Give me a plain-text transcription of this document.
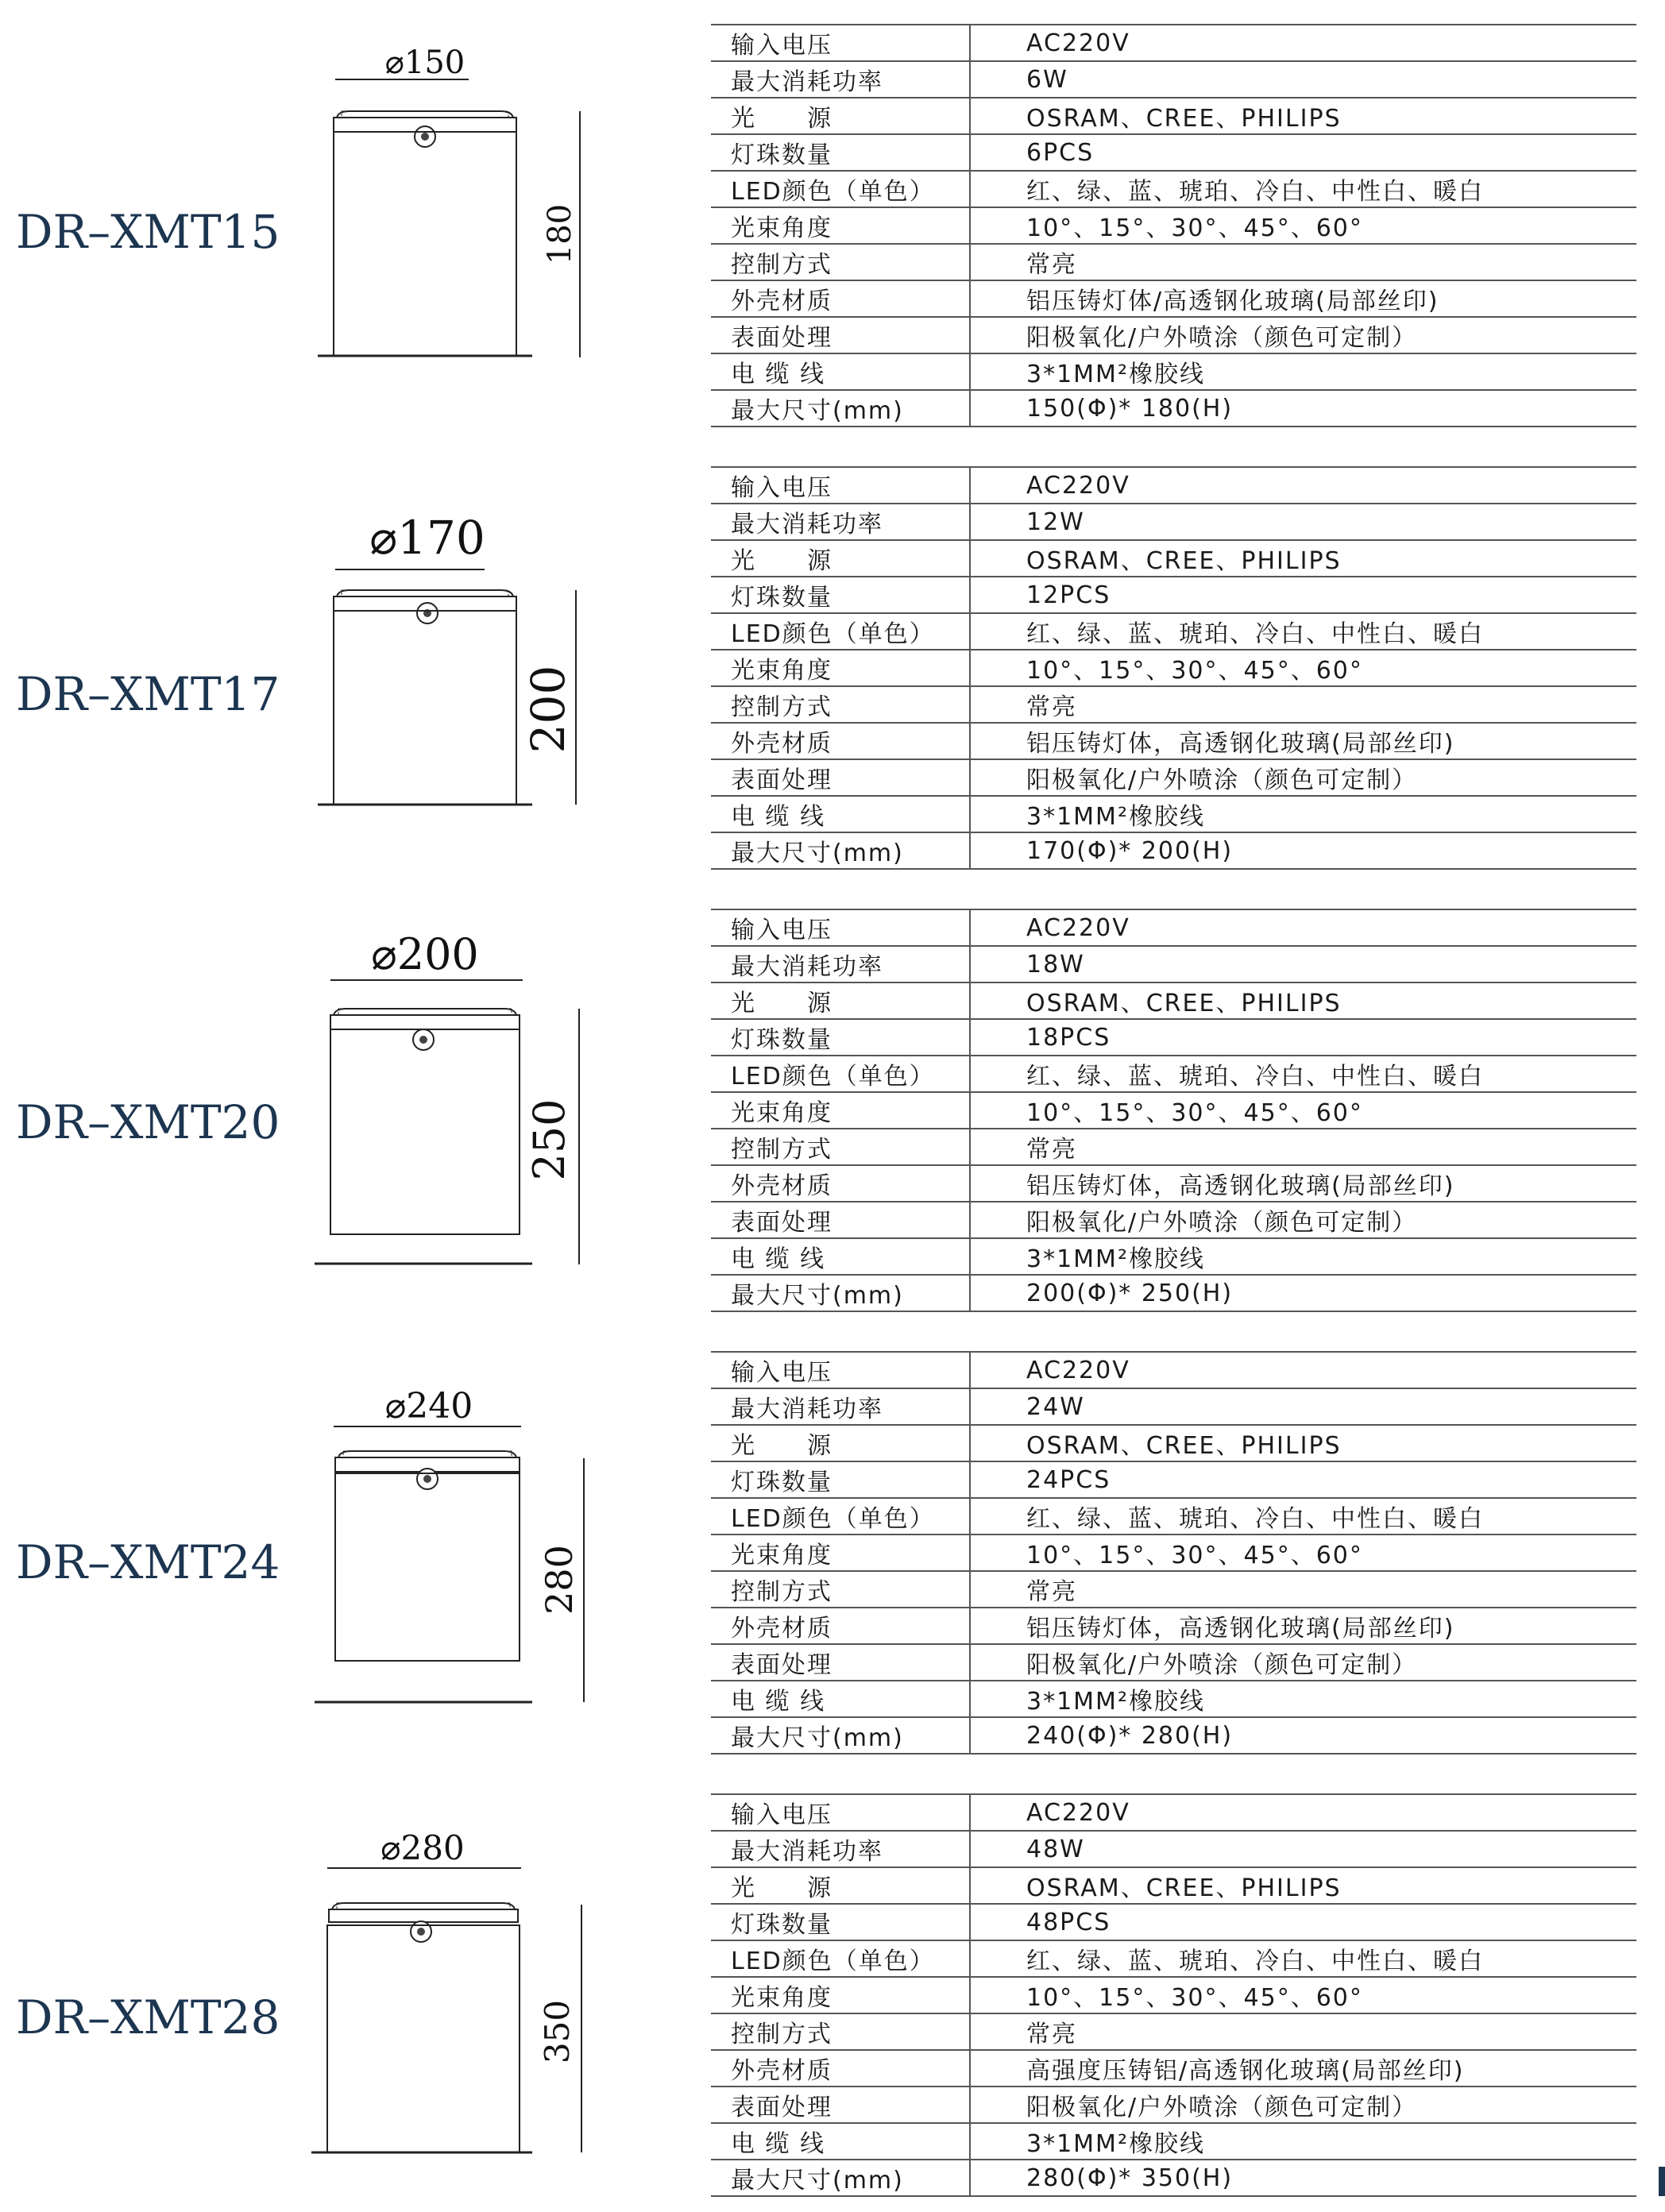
DR–XMT15
⌀150
180
输入电压	AC220V
最大消耗功率	6W
光　　源	OSRAM、CREE、PHILIPS
灯珠数量	6PCS
LED颜色（单色）	红、绿、蓝、琥珀、冷白、中性白、暖白
光束角度	10°、15°、30°、45°、60°
控制方式	常亮
外壳材质	铝压铸灯体/高透钢化玻璃(局部丝印)
表面处理	阳极氧化/户外喷涂（颜色可定制）
电 缆 线	3*1MM²橡胶线
最大尺寸(mm)	150(Φ)* 180(H)
DR–XMT17
⌀170
200
输入电压	AC220V
最大消耗功率	12W
光　　源	OSRAM、CREE、PHILIPS
灯珠数量	12PCS
LED颜色（单色）	红、绿、蓝、琥珀、冷白、中性白、暖白
光束角度	10°、15°、30°、45°、60°
控制方式	常亮
外壳材质	铝压铸灯体，高透钢化玻璃(局部丝印)
表面处理	阳极氧化/户外喷涂（颜色可定制）
电 缆 线	3*1MM²橡胶线
最大尺寸(mm)	170(Φ)* 200(H)
DR–XMT20
⌀200
250
输入电压	AC220V
最大消耗功率	18W
光　　源	OSRAM、CREE、PHILIPS
灯珠数量	18PCS
LED颜色（单色）	红、绿、蓝、琥珀、冷白、中性白、暖白
光束角度	10°、15°、30°、45°、60°
控制方式	常亮
外壳材质	铝压铸灯体，高透钢化玻璃(局部丝印)
表面处理	阳极氧化/户外喷涂（颜色可定制）
电 缆 线	3*1MM²橡胶线
最大尺寸(mm)	200(Φ)* 250(H)
DR–XMT24
⌀240
280
输入电压	AC220V
最大消耗功率	24W
光　　源	OSRAM、CREE、PHILIPS
灯珠数量	24PCS
LED颜色（单色）	红、绿、蓝、琥珀、冷白、中性白、暖白
光束角度	10°、15°、30°、45°、60°
控制方式	常亮
外壳材质	铝压铸灯体，高透钢化玻璃(局部丝印)
表面处理	阳极氧化/户外喷涂（颜色可定制）
电 缆 线	3*1MM²橡胶线
最大尺寸(mm)	240(Φ)* 280(H)
DR–XMT28
⌀280
350
输入电压	AC220V
最大消耗功率	48W
光　　源	OSRAM、CREE、PHILIPS
灯珠数量	48PCS
LED颜色（单色）	红、绿、蓝、琥珀、冷白、中性白、暖白
光束角度	10°、15°、30°、45°、60°
控制方式	常亮
外壳材质	高强度压铸铝/高透钢化玻璃(局部丝印)
表面处理	阳极氧化/户外喷涂（颜色可定制）
电 缆 线	3*1MM²橡胶线
最大尺寸(mm)	280(Φ)* 350(H)
